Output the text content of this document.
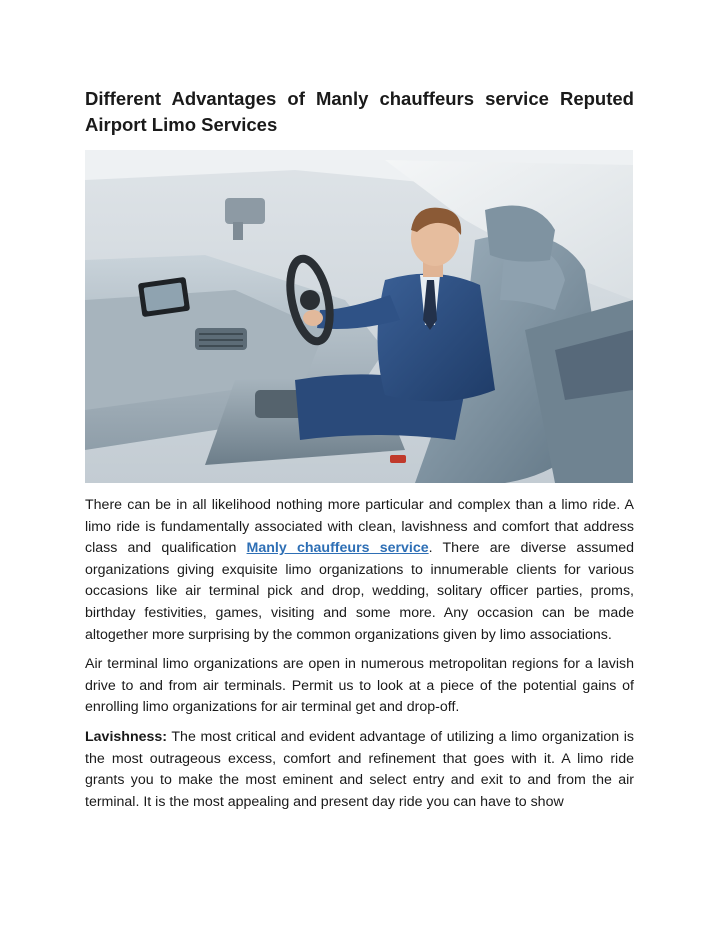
Different Advantages of Manly chauffeurs service Reputed Airport Limo Services

There can be in all likelihood nothing more particular and complex than a limo ride. A limo ride is fundamentally associated with clean, lavishness and comfort that address class and qualification Manly chauffeurs service. There are diverse assumed organizations giving exquisite limo organizations to innumerable clients for various occasions like air terminal pick and drop, wedding, solitary officer parties, proms, birthday festivities, games, visiting and some more. Any occasion can be made altogether more surprising by the common organizations given by limo associations.

Air terminal limo organizations are open in numerous metropolitan regions for a lavish drive to and from air terminals. Permit us to look at a piece of the potential gains of enrolling limo organizations for air terminal get and drop-off.

Lavishness: The most critical and evident advantage of utilizing a limo organization is the most outrageous excess, comfort and refinement that goes with it. A limo ride grants you to make the most eminent and select entry and exit to and from the air terminal. It is the most appealing and present day ride you can have to show
